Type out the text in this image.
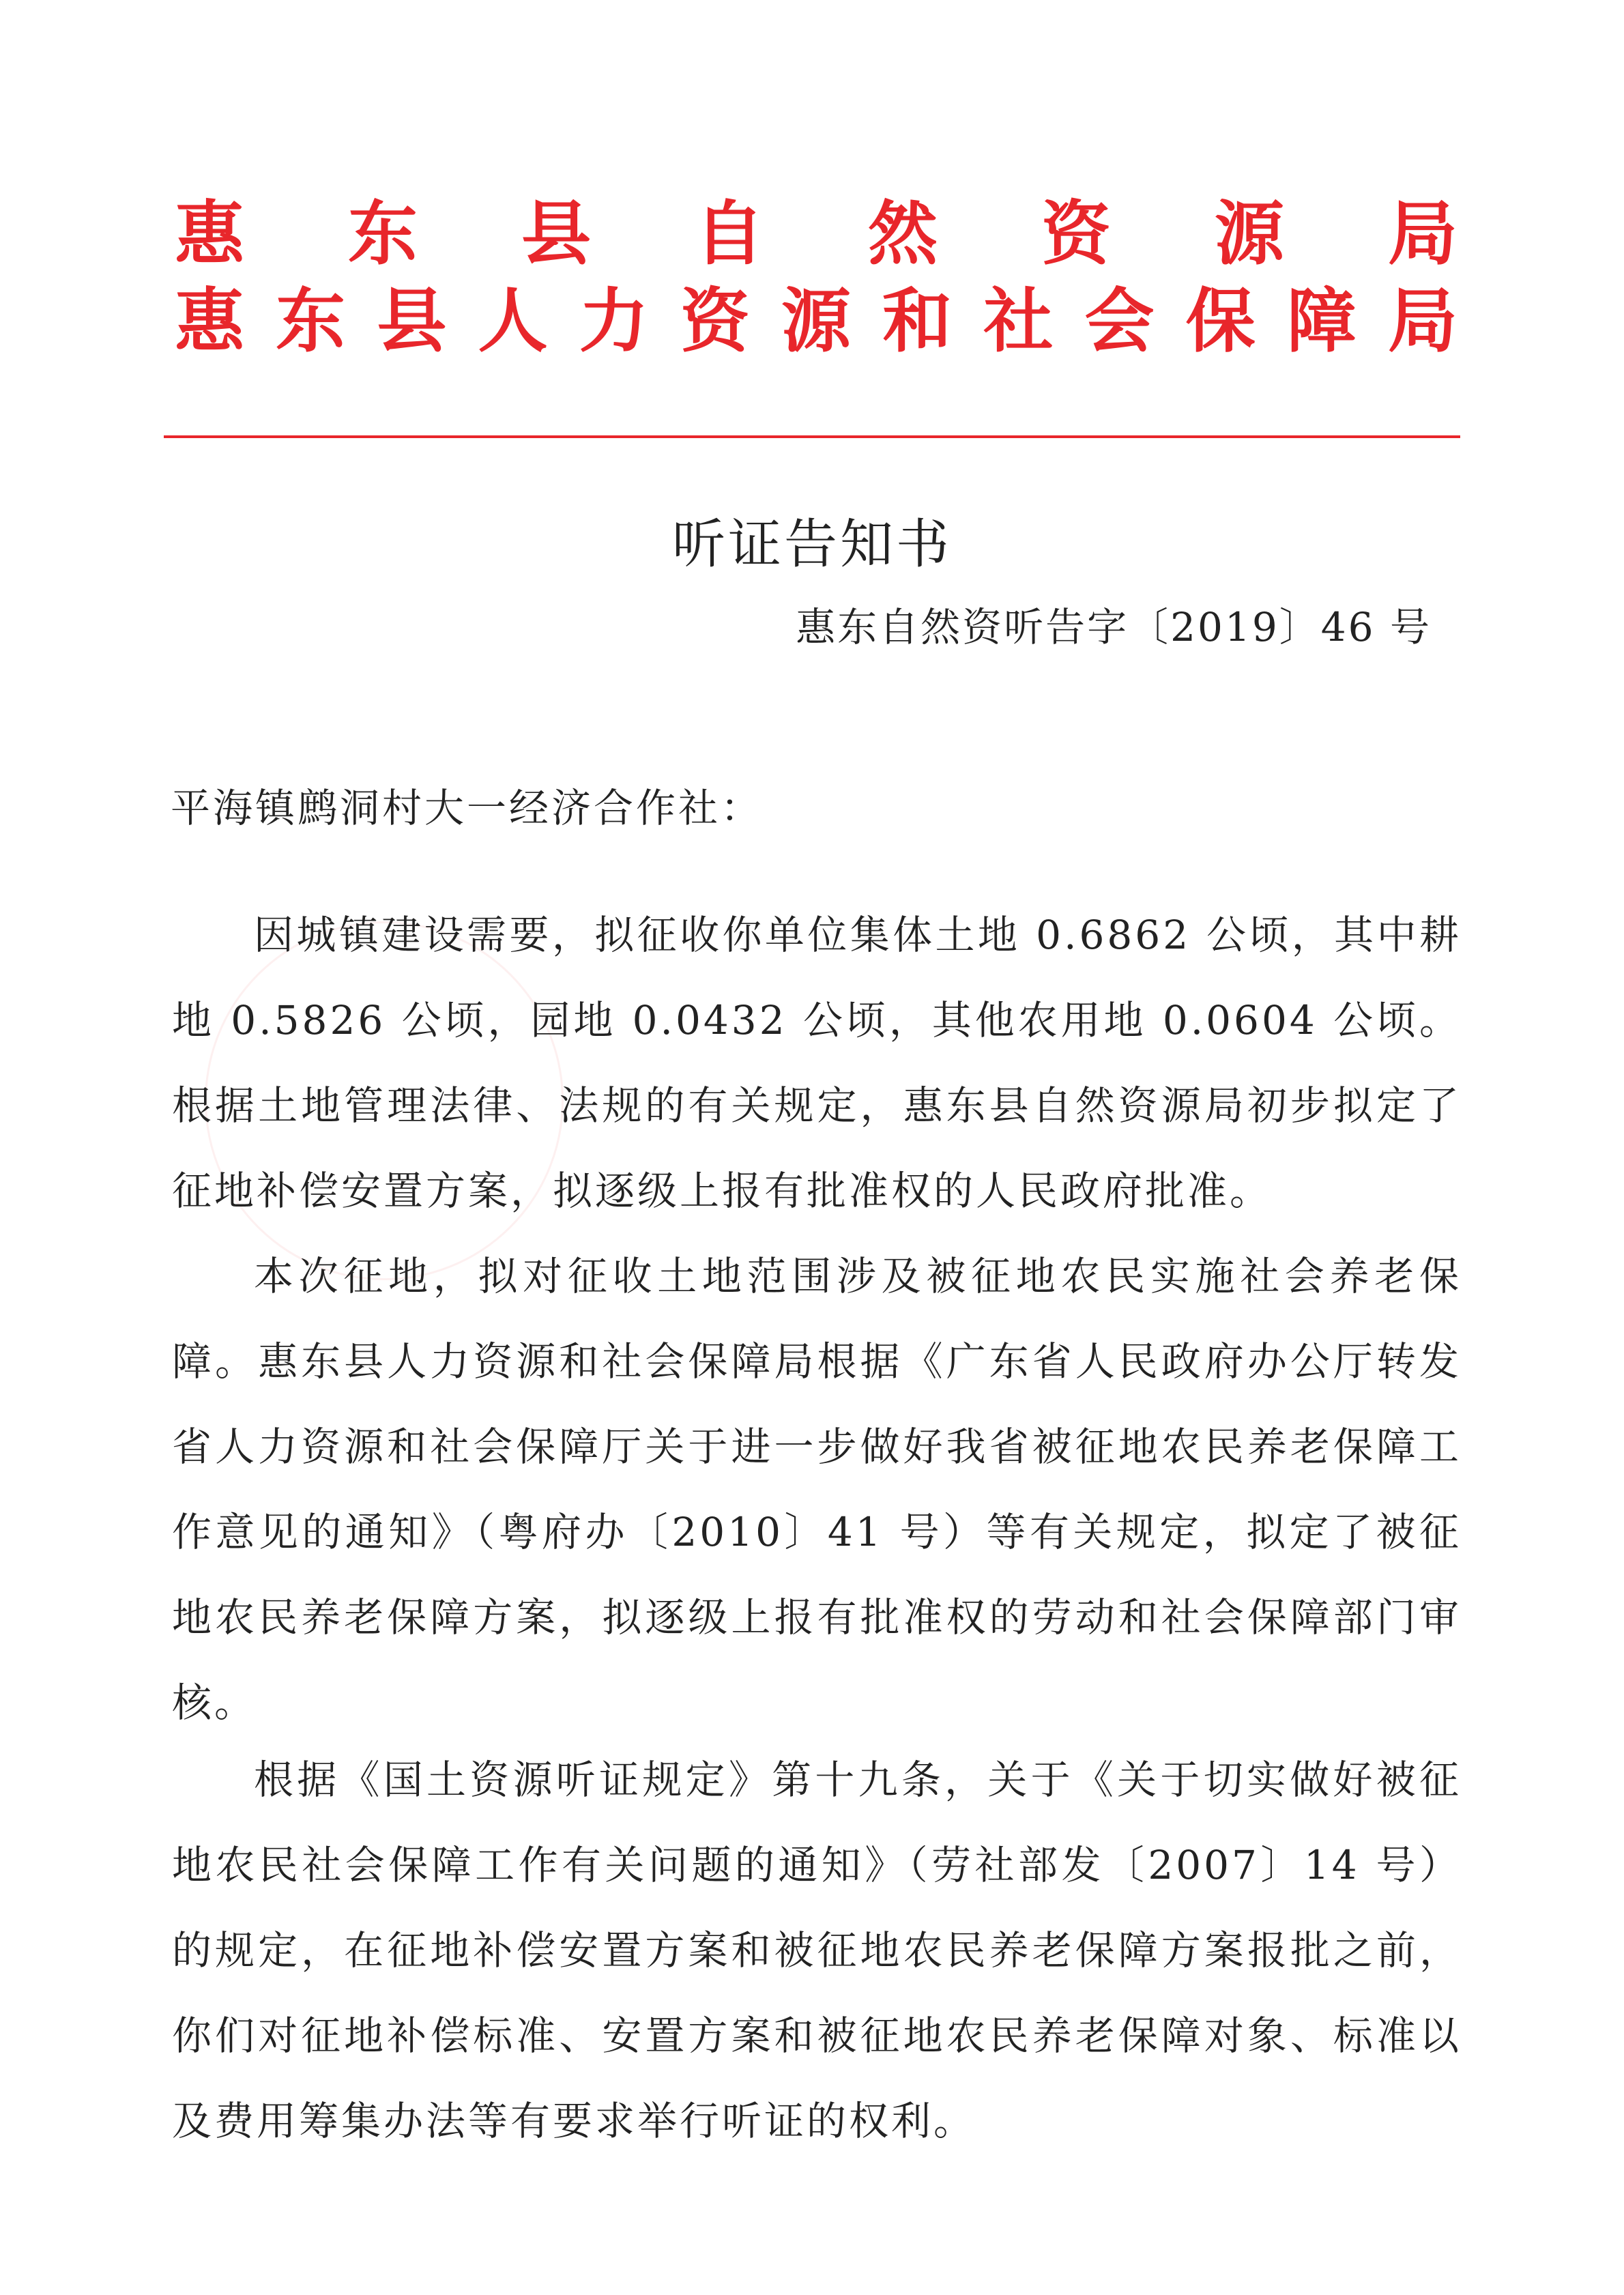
惠 东 县 自 然 资 源 局
惠 东 县 人 力 资 源 和 社 会 保 障 局
听证告知书
惠东自然资听告字〔2019〕46 号
平海镇鹧洞村大一经济合作社：

因城镇建设需要，拟征收你单位集体土地 0.6862 公顷，其中耕地 0.5826 公顷，园地 0.0432 公顷，其他农用地 0.0604 公顷。根据土地管理法律、法规的有关规定，惠东县自然资源局初步拟定了征地补偿安置方案，拟逐级上报有批准权的人民政府批准。

本次征地，拟对征收土地范围涉及被征地农民实施社会养老保障。惠东县人力资源和社会保障局根据《广东省人民政府办公厅转发省人力资源和社会保障厅关于进一步做好我省被征地农民养老保障工作意见的通知》（粤府办〔2010〕41 号）等有关规定，拟定了被征地农民养老保障方案，拟逐级上报有批准权的劳动和社会保障部门审核。

根据《国土资源听证规定》第十九条，关于《关于切实做好被征地农民社会保障工作有关问题的通知》（劳社部发〔2007〕14 号）的规定，在征地补偿安置方案和被征地农民养老保障方案报批之前，你们对征地补偿标准、安置方案和被征地农民养老保障对象、标准以及费用筹集办法等有要求举行听证的权利。
